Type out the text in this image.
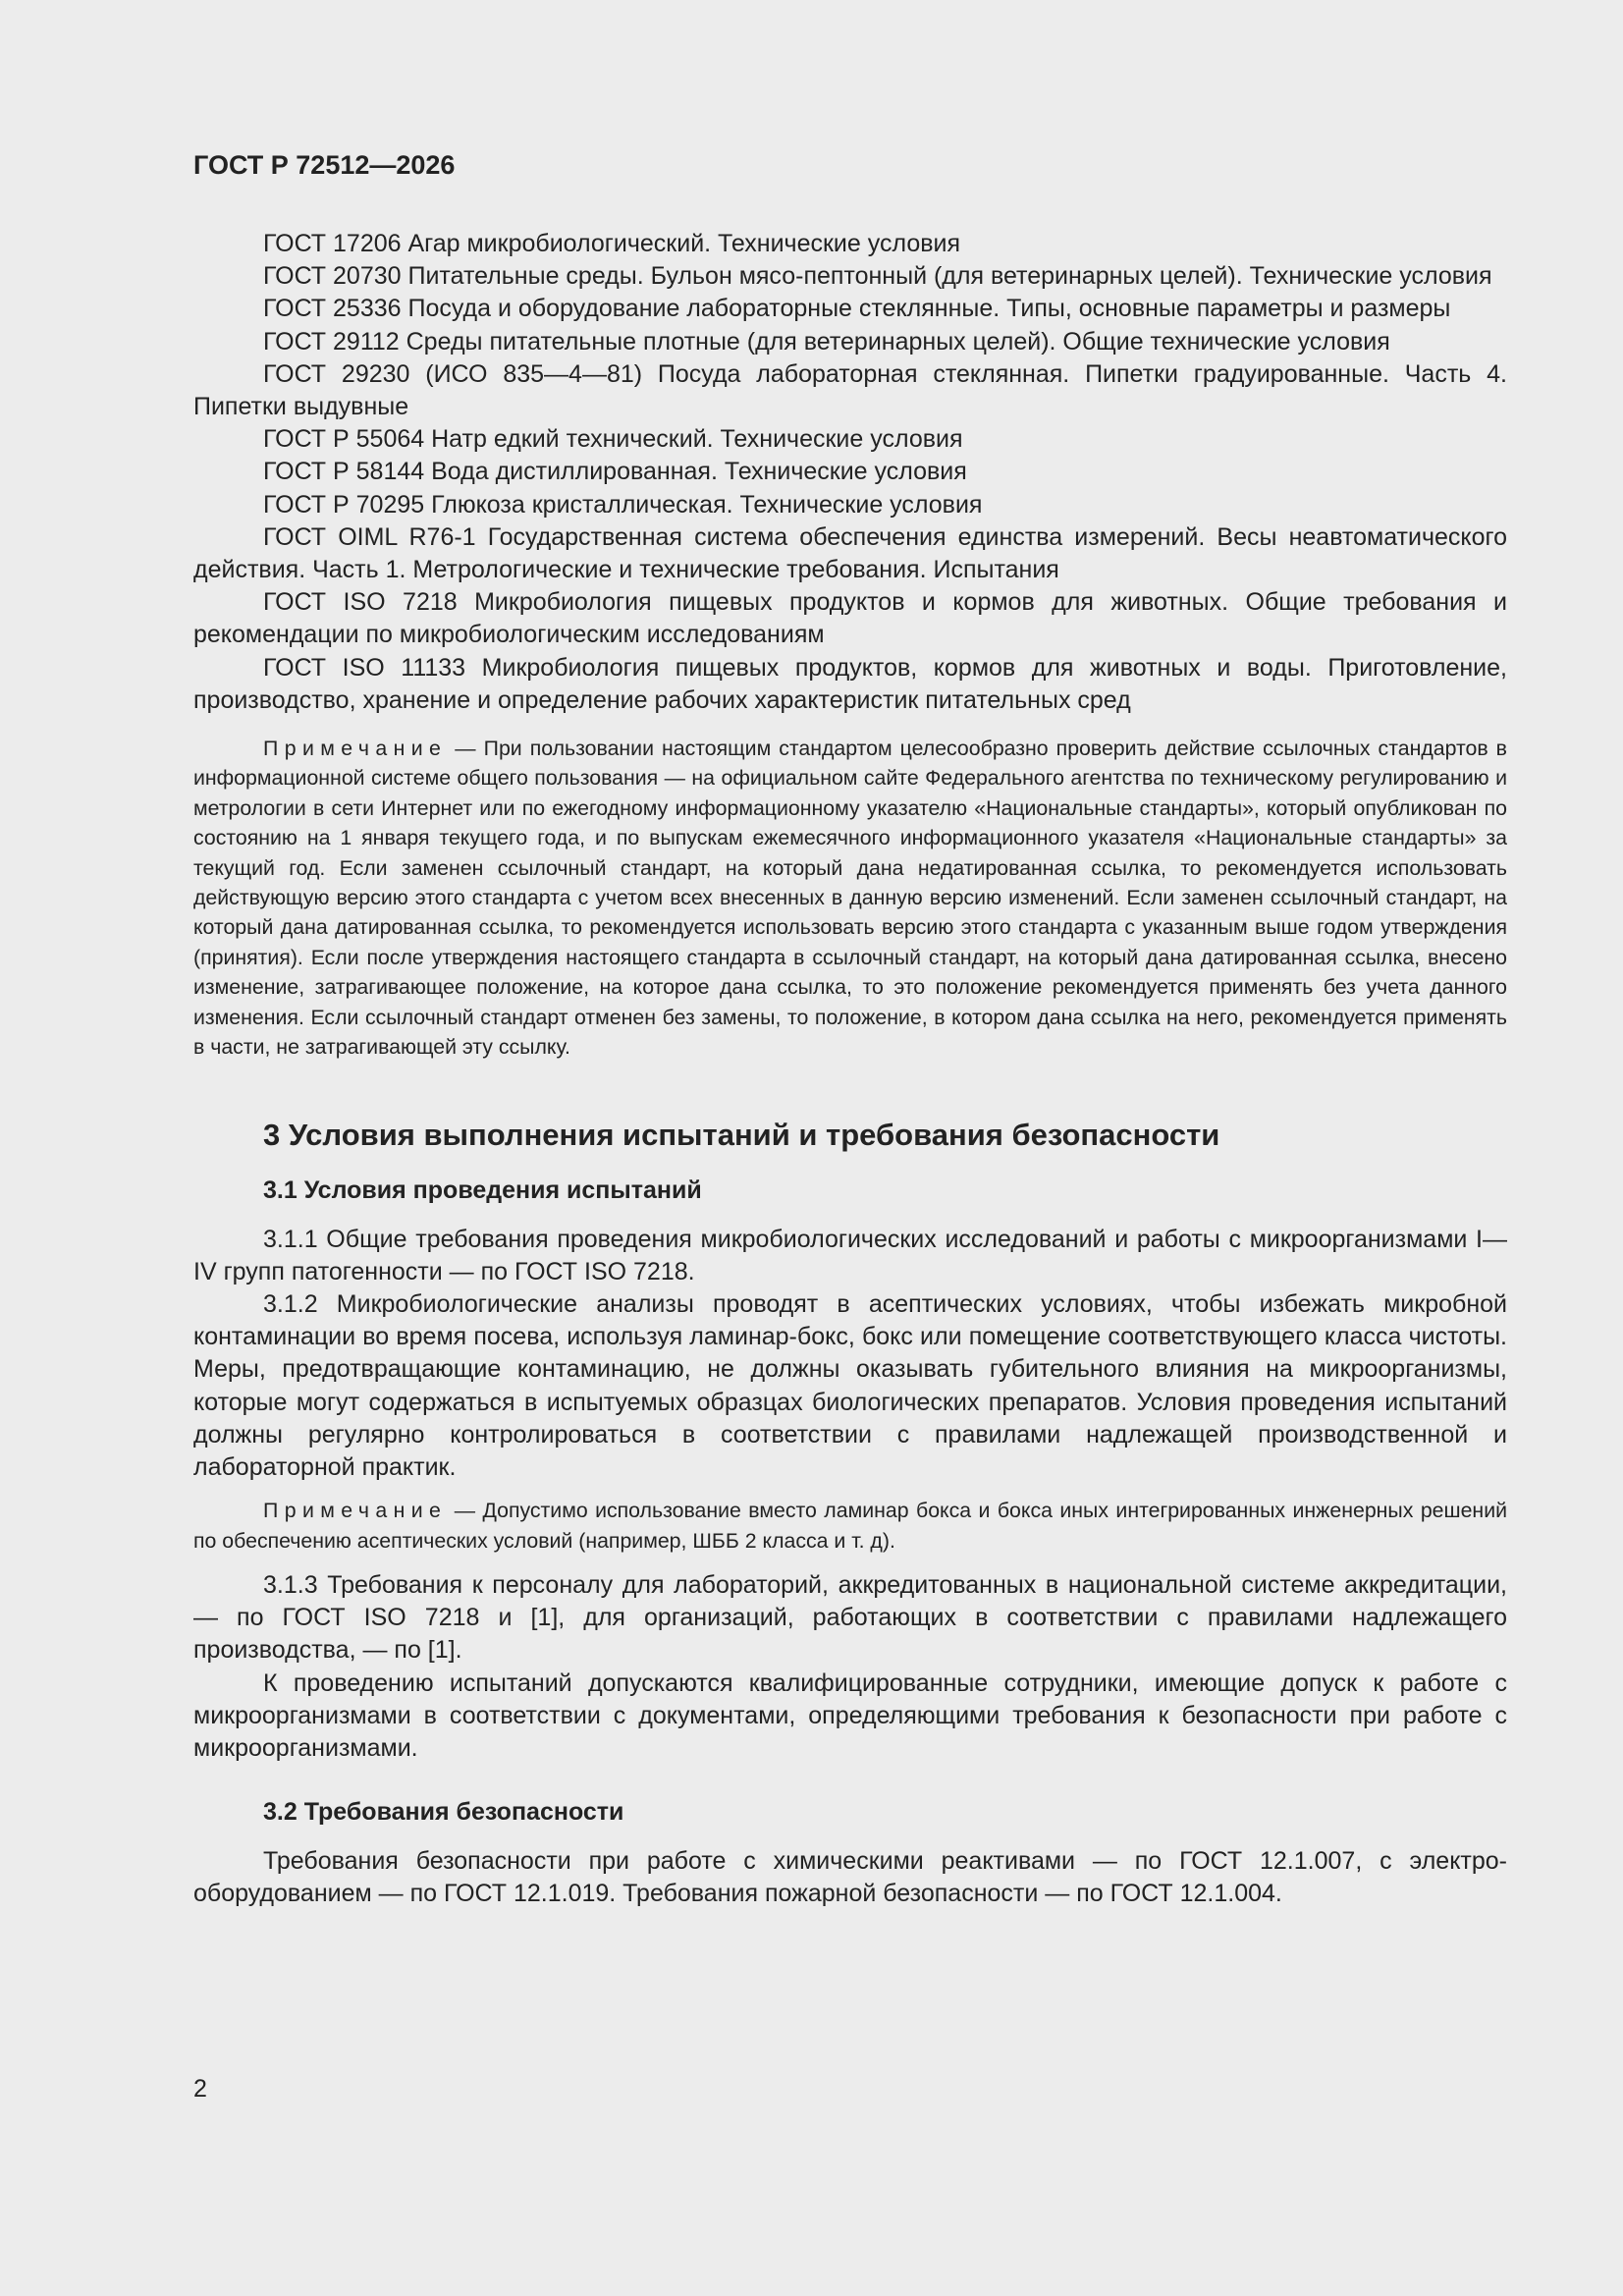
ГОСТ Р 72512—2026

ГОСТ 17206 Агар микробиологический. Технические условия

ГОСТ 20730 Питательные среды. Бульон мясо-пептонный (для ветеринарных целей). Технические условия

ГОСТ 25336 Посуда и оборудование лабораторные стеклянные. Типы, основные параметры и размеры

ГОСТ 29112 Среды питательные плотные (для ветеринарных целей). Общие технические условия

ГОСТ 29230 (ИСО 835—4—81) Посуда лабораторная стеклянная. Пипетки градуированные. Часть 4. Пипетки выдувные

ГОСТ Р 55064 Натр едкий технический. Технические условия

ГОСТ Р 58144 Вода дистиллированная. Технические условия

ГОСТ Р 70295 Глюкоза кристаллическая. Технические условия

ГОСТ OIML R76-1 Государственная система обеспечения единства измерений. Весы неавтоматического действия. Часть 1. Метрологические и технические требования. Испытания

ГОСТ ISO 7218 Микробиология пищевых продуктов и кормов для животных. Общие требования и рекомендации по микробиологическим исследованиям

ГОСТ ISO 11133 Микробиология пищевых продуктов, кормов для животных и воды. Приготовление, производство, хранение и определение рабочих характеристик питательных сред

Примечание — При пользовании настоящим стандартом целесообразно проверить действие ссылочных стандартов в информационной системе общего пользования — на официальном сайте Федерального агентства по техническому регулированию и метрологии в сети Интернет или по ежегодному информационному указателю «Национальные стандарты», который опубликован по состоянию на 1 января текущего года, и по выпускам ежемесячного информационного указателя «Национальные стандарты» за текущий год. Если заменен ссылочный стандарт, на который дана недатированная ссылка, то рекомендуется использовать действующую версию этого стандарта с учетом всех внесенных в данную версию изменений. Если заменен ссылочный стандарт, на который дана датированная ссылка, то рекомендуется использовать версию этого стандарта с указанным выше годом утверждения (принятия). Если после утверждения настоящего стандарта в ссылочный стандарт, на который дана датированная ссылка, внесено изменение, затрагивающее положение, на которое дана ссылка, то это положение рекомендуется применять без учета данного изменения. Если ссылочный стандарт отменен без замены, то положение, в котором дана ссылка на него, рекомендуется применять в части, не затрагивающей эту ссылку.

3 Условия выполнения испытаний и требования безопасности
3.1 Условия проведения испытаний

3.1.1 Общие требования проведения микробиологических исследований и работы с микроорганизмами I—IV групп патогенности — по ГОСТ ISO 7218.

3.1.2 Микробиологические анализы проводят в асептических условиях, чтобы избежать микробной контаминации во время посева, используя ламинар-бокс, бокс или помещение соответствующего класса чистоты. Меры, предотвращающие контаминацию, не должны оказывать губительного влияния на микроорганизмы, которые могут содержаться в испытуемых образцах биологических препаратов. Условия проведения испытаний должны регулярно контролироваться в соответствии с правилами надлежащей производственной и лабораторной практик.

Примечание — Допустимо использование вместо ламинар бокса и бокса иных интегрированных инженерных решений по обеспечению асептических условий (например, ШББ 2 класса и т. д).

3.1.3 Требования к персоналу для лабораторий, аккредитованных в национальной системе аккредитации, — по ГОСТ ISO 7218 и [1], для организаций, работающих в соответствии с правилами надлежащего производства, — по [1].

К проведению испытаний допускаются квалифицированные сотрудники, имеющие допуск к работе с микроорганизмами в соответствии с документами, определяющими требования к безопасности при работе с микроорганизмами.

3.2 Требования безопасности

Требования безопасности при работе с химическими реактивами — по ГОСТ 12.1.007, с электрооборудованием — по ГОСТ 12.1.019. Требования пожарной безопасности — по ГОСТ 12.1.004.

2
